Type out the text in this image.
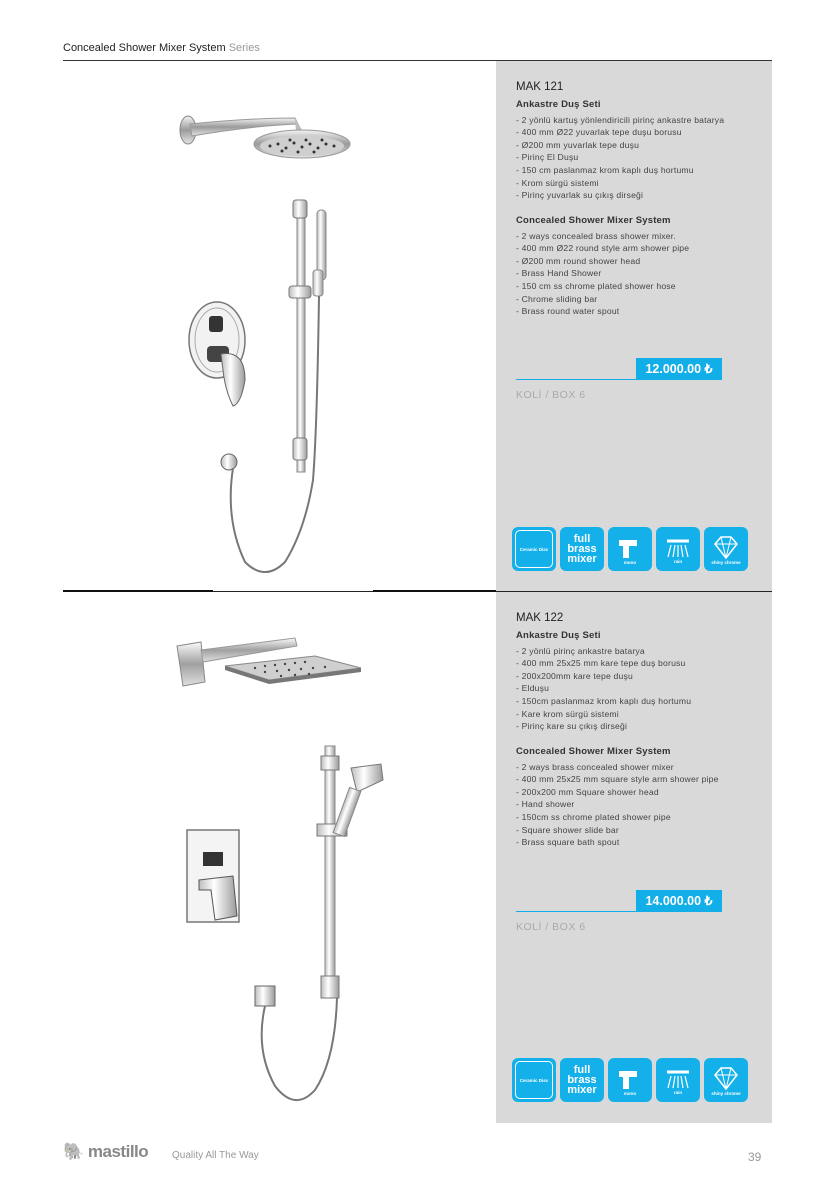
Concealed Shower Mixer System Series
MAK 121
Ankastre Duş Seti
- 2 yönlü kartuş yönlendiricili pirinç ankastre batarya
- 400 mm Ø22 yuvarlak tepe duşu borusu
- Ø200 mm yuvarlak tepe duşu
- Pirinç El Duşu
- 150 cm paslanmaz krom kaplı duş hortumu
- Krom sürgü sistemi
- Pirinç yuvarlak su çıkış dirseği
Concealed Shower Mixer System
- 2 ways concealed brass shower mixer.
- 400 mm Ø22 round style arm shower pipe
- Ø200 mm round shower head
- Brass Hand Shower
- 150 cm ss chrome plated shower hose
- Chrome sliding bar
- Brass round water spout
12.000.00 ₺
KOLİ / BOX 6
Ceramic Disc
full
brass
mixer	mono	rain	shiny chrome
MAK 122
Ankastre Duş Seti
- 2 yönlü pirinç ankastre batarya
- 400 mm 25x25 mm kare tepe duş borusu
- 200x200mm kare tepe duşu
- Elduşu
- 150cm paslanmaz krom kaplı duş hortumu
- Kare krom sürgü sistemi
- Pirinç kare su çıkış dirseği
Concealed Shower Mixer System
- 2 ways brass concealed shower mixer
- 400 mm 25x25 mm square style arm shower pipe
- 200x200 mm Square shower head
- Hand shower
- 150cm ss chrome plated shower pipe
- Square shower slide bar
- Brass square bath spout
14.000.00 ₺
KOLİ / BOX 6
Ceramic Disc
full
brass
mixer	mono	rain	shiny chrome
🐘 mastillo Quality All The Way	39
